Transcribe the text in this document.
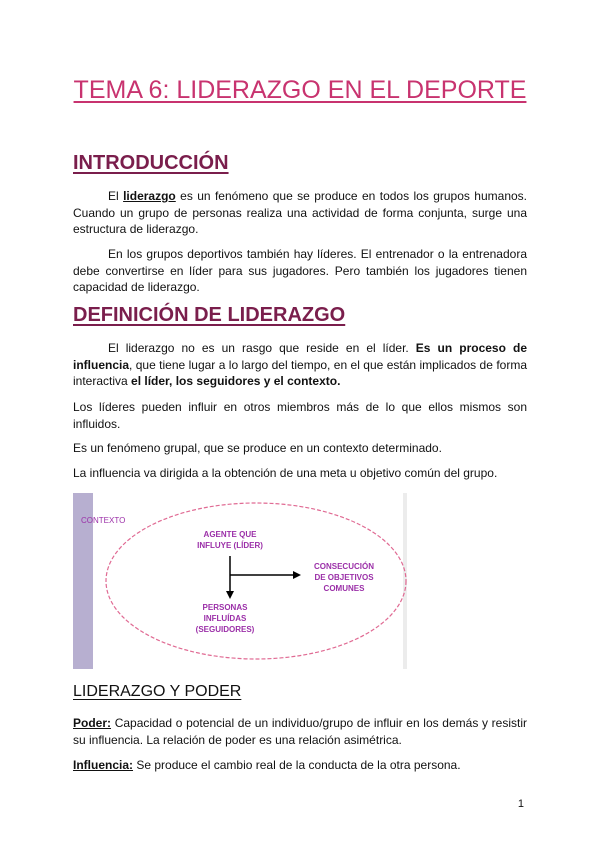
TEMA 6: LIDERAZGO EN EL DEPORTE
INTRODUCCIÓN

El liderazgo es un fenómeno que se produce en todos los grupos humanos. Cuando un grupo de personas realiza una actividad de forma conjunta, surge una estructura de liderazgo.

En los grupos deportivos también hay líderes. El entrenador o la entrenadora debe convertirse en líder para sus jugadores. Pero también los jugadores tienen capacidad de liderazgo.

DEFINICIÓN DE LIDERAZGO

El liderazgo no es un rasgo que reside en el líder. Es un proceso de influencia, que tiene lugar a lo largo del tiempo, en el que están implicados de forma interactiva el líder, los seguidores y el contexto.

Los líderes pueden influir en otros miembros más de lo que ellos mismos son influidos.

Es un fenómeno grupal, que se produce en un contexto determinado.

La influencia va dirigida a la obtención de una meta u objetivo común del grupo.

CONTEXTO
AGENTE QUE
INFLUYE (LÍDER)
CONSECUCIÓN
DE OBJETIVOS
COMUNES
PERSONAS
INFLUÍDAS
(SEGUIDORES)
LIDERAZGO Y PODER

Poder: Capacidad o potencial de un individuo/grupo de influir en los demás y resistir su influencia. La relación de poder es una relación asimétrica.

Influencia: Se produce el cambio real de la conducta de la otra persona.

1
